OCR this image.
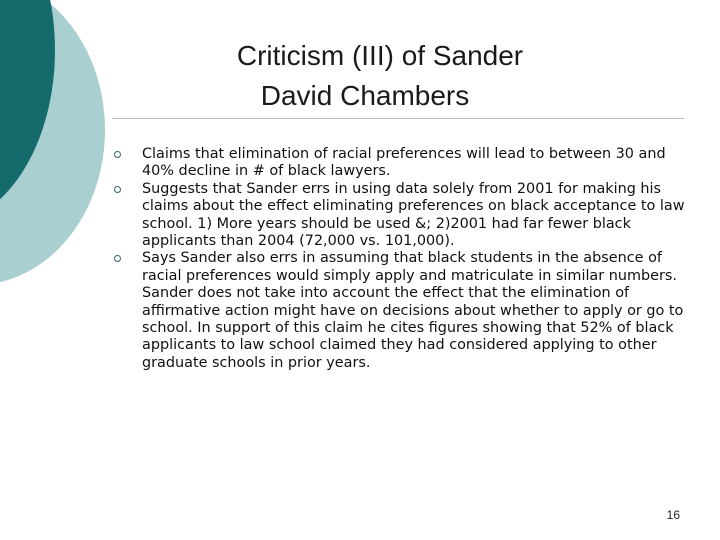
Criticism (III) of Sander
David Chambers
Claims that elimination of racial preferences will lead to between 30 and 40% decline in # of black lawyers.
Suggests that Sander errs in using data solely from 2001 for making his claims about the effect eliminating preferences on black acceptance to law school. 1) More years should be used &; 2)2001 had far fewer black applicants than 2004 (72,000 vs. 101,000).
Says Sander also errs in assuming that black students in the absence of racial preferences would simply apply and matriculate in similar numbers. Sander does not take into account the effect that the elimination of affirmative action might have on decisions about whether to apply or go to school. In support of this claim he cites figures showing that 52% of black applicants to law school claimed they had considered applying to other graduate schools in prior years.
16
